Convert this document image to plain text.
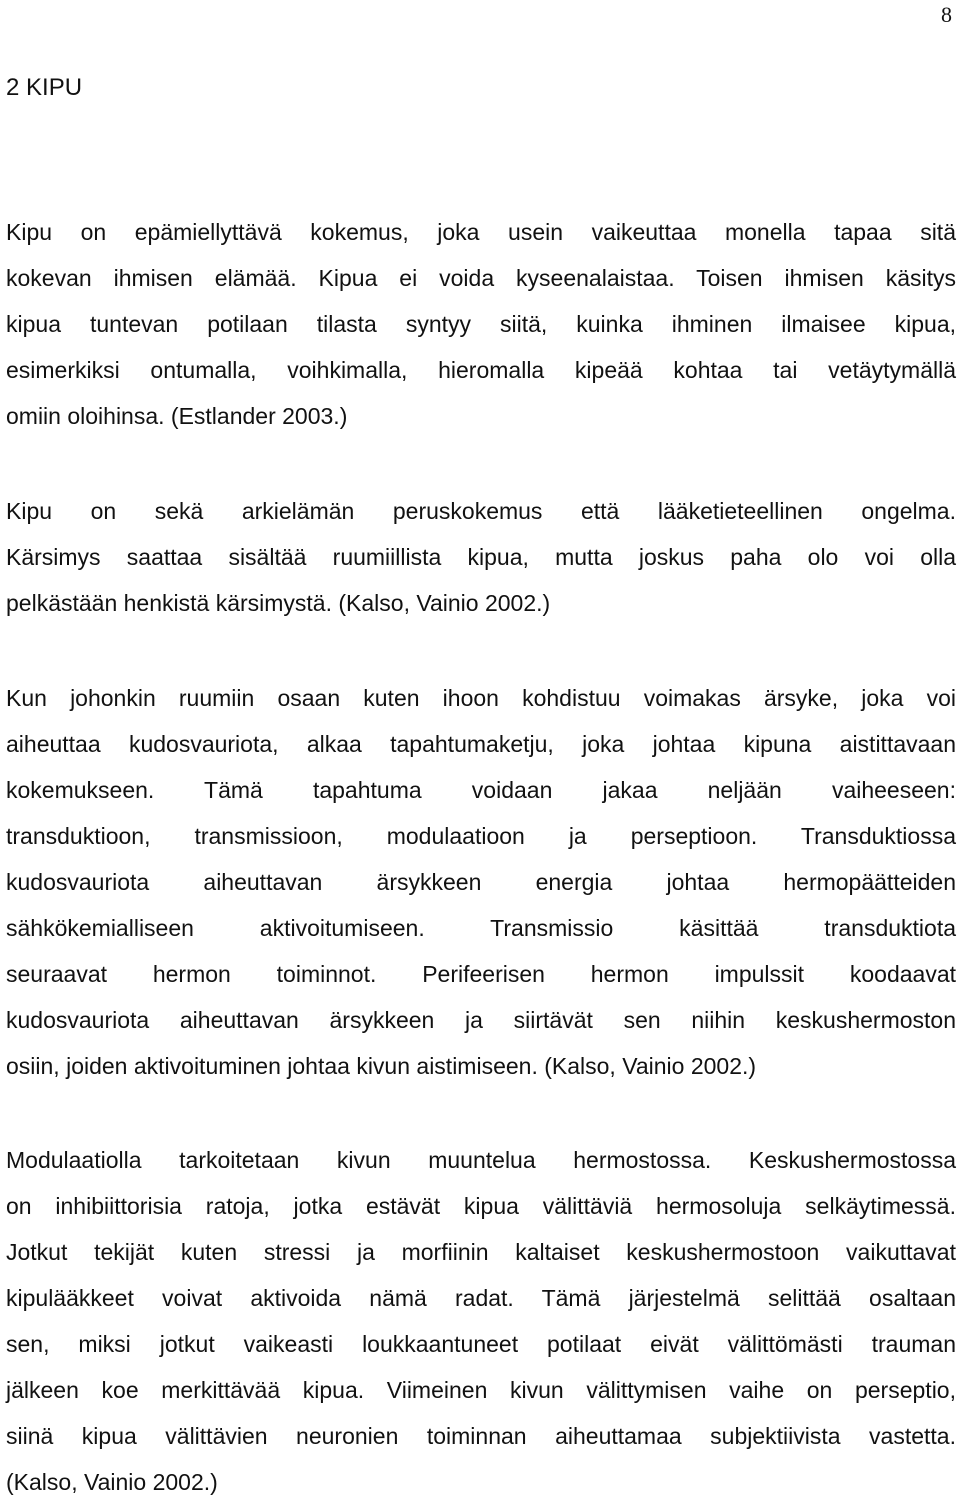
8
2 KIPU

Kipu on epämiellyttävä kokemus, joka usein vaikeuttaa monella tapaa sitä
kokevan ihmisen elämää. Kipua ei voida kyseenalaistaa. Toisen ihmisen käsitys
kipua tuntevan potilaan tilasta syntyy siitä, kuinka ihminen ilmaisee kipua,
esimerkiksi ontumalla, voihkimalla, hieromalla kipeää kohtaa tai vetäytymällä
omiin oloihinsa. (Estlander 2003.)

Kipu on sekä arkielämän peruskokemus että lääketieteellinen ongelma.
Kärsimys saattaa sisältää ruumiillista kipua, mutta joskus paha olo voi olla
pelkästään henkistä kärsimystä. (Kalso, Vainio 2002.)

Kun johonkin ruumiin osaan kuten ihoon kohdistuu voimakas ärsyke, joka voi
aiheuttaa kudosvauriota, alkaa tapahtumaketju, joka johtaa kipuna aistittavaan
kokemukseen. Tämä tapahtuma voidaan jakaa neljään vaiheeseen:
transduktioon, transmissioon, modulaatioon ja perseptioon. Transduktiossa
kudosvauriota aiheuttavan ärsykkeen energia johtaa hermopäätteiden
sähkökemialliseen aktivoitumiseen. Transmissio käsittää transduktiota
seuraavat hermon toiminnot. Perifeerisen hermon impulssit koodaavat
kudosvauriota aiheuttavan ärsykkeen ja siirtävät sen niihin keskushermoston
osiin, joiden aktivoituminen johtaa kivun aistimiseen. (Kalso, Vainio 2002.)

Modulaatiolla tarkoitetaan kivun muuntelua hermostossa. Keskushermostossa
on inhibiittorisia ratoja, jotka estävät kipua välittäviä hermosoluja selkäytimessä.
Jotkut tekijät kuten stressi ja morfiinin kaltaiset keskushermostoon vaikuttavat
kipulääkkeet voivat aktivoida nämä radat. Tämä järjestelmä selittää osaltaan
sen, miksi jotkut vaikeasti loukkaantuneet potilaat eivät välittömästi trauman
jälkeen koe merkittävää kipua. Viimeinen kivun välittymisen vaihe on perseptio,
siinä kipua välittävien neuronien toiminnan aiheuttamaa subjektiivista vastetta.
(Kalso, Vainio 2002.)
